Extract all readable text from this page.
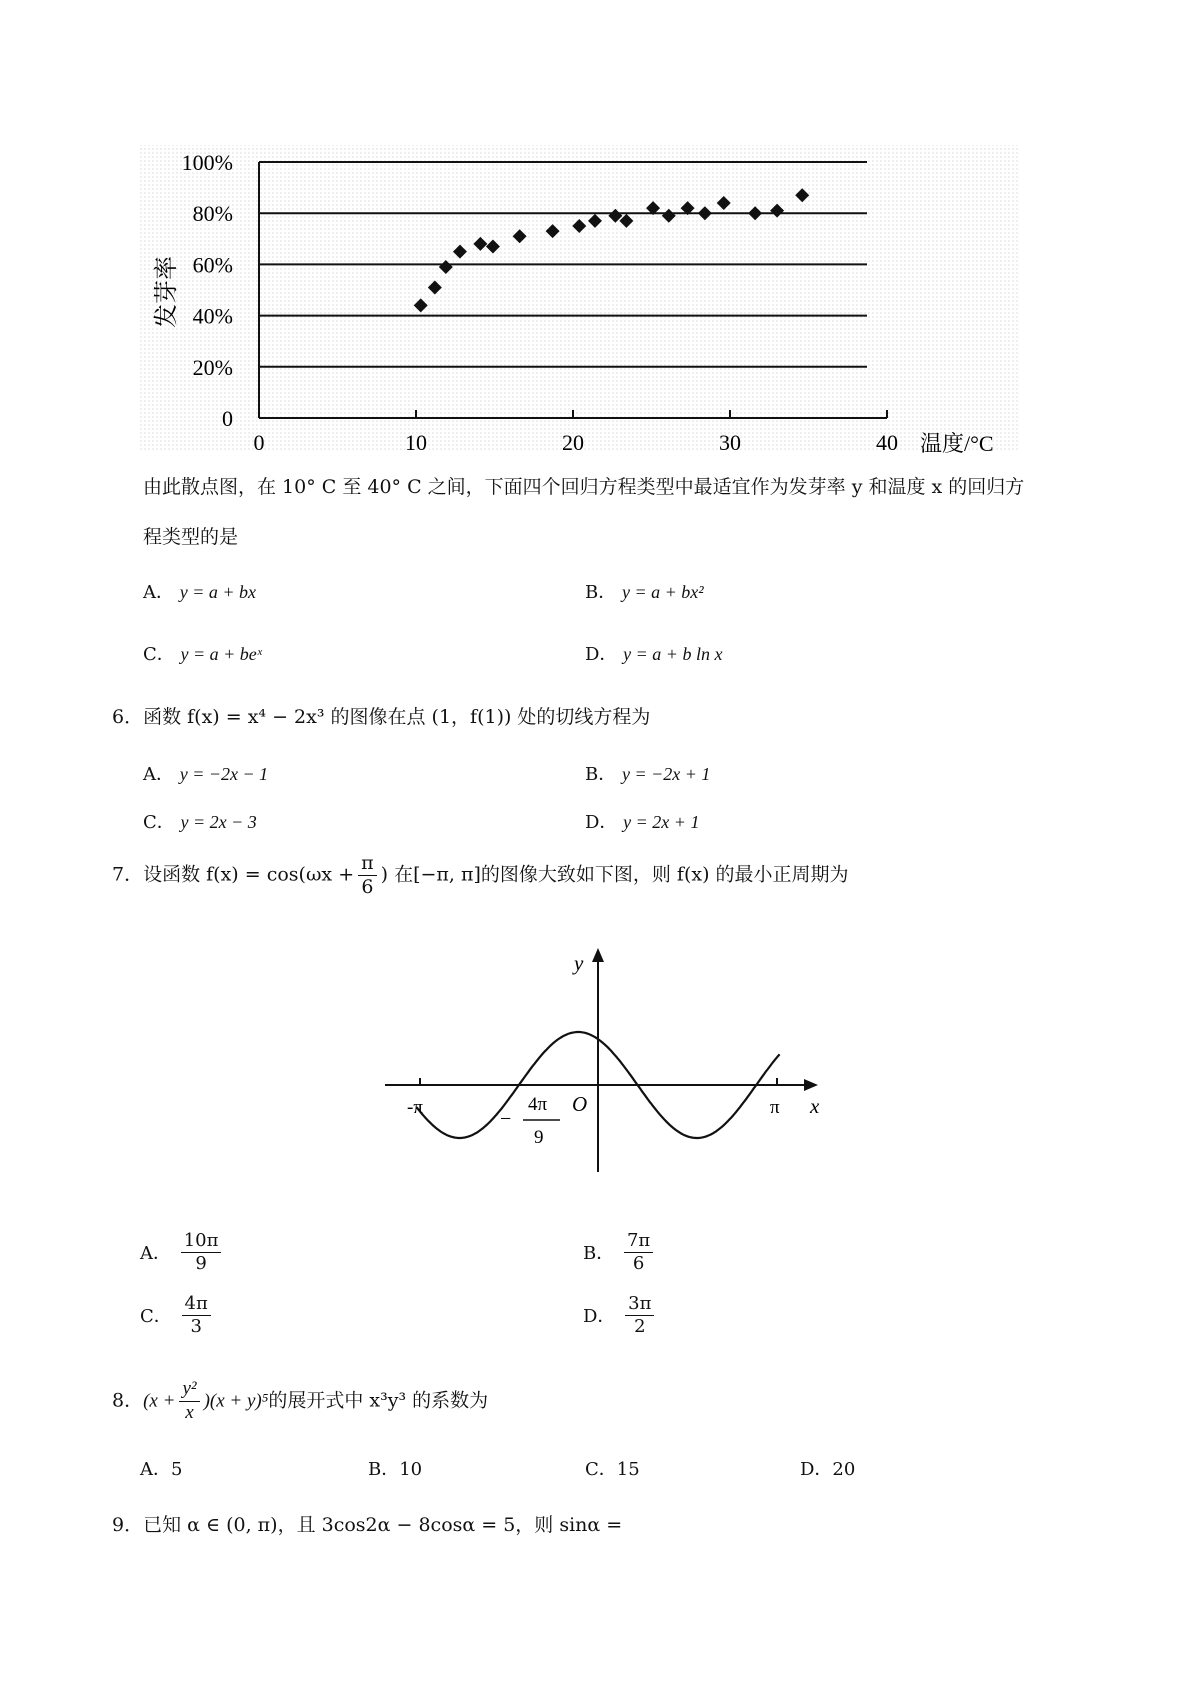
0
20%
40%
60%
80%
100%
0	10	20	30	40
发芽率
温度/°C
由此散点图，在 10° C 至 40° C 之间，下面四个回归方程类型中最适宜作为发芽率 y 和温度 x 的回归方
程类型的是
A． y = a + bx	B． y = a + bx²
C． y = a + beˣ	D． y = a + b ln x
6．函数 f(x) = x⁴ − 2x³ 的图像在点 (1，f(1)) 处的切线方程为
A． y = −2x − 1	B． y = −2x + 1
C． y = 2x − 3	D． y = 2x + 1
7．设函数 $f(x) = \cos(\omega x + \frac{\pi}{6}$ ) 在[−π, π]的图像大致如下图，则 f(x) 的最小正周期为
y
x
O
-π	π
−
4π
9
A． $\frac{10\pi}{9}$	B． $\frac{7\pi}{6}$
C． $\frac{4\pi}{3}$	D． $\frac{3\pi}{2}$
8．$(x + \frac{\text{y²}}{x} )(x + y)^5$的展开式中 x³y³ 的系数为
A．5	B．10	C．15	D．20
9．已知 α ∈ (0, π)，且 3cos2α − 8cosα = 5，则 sinα =
